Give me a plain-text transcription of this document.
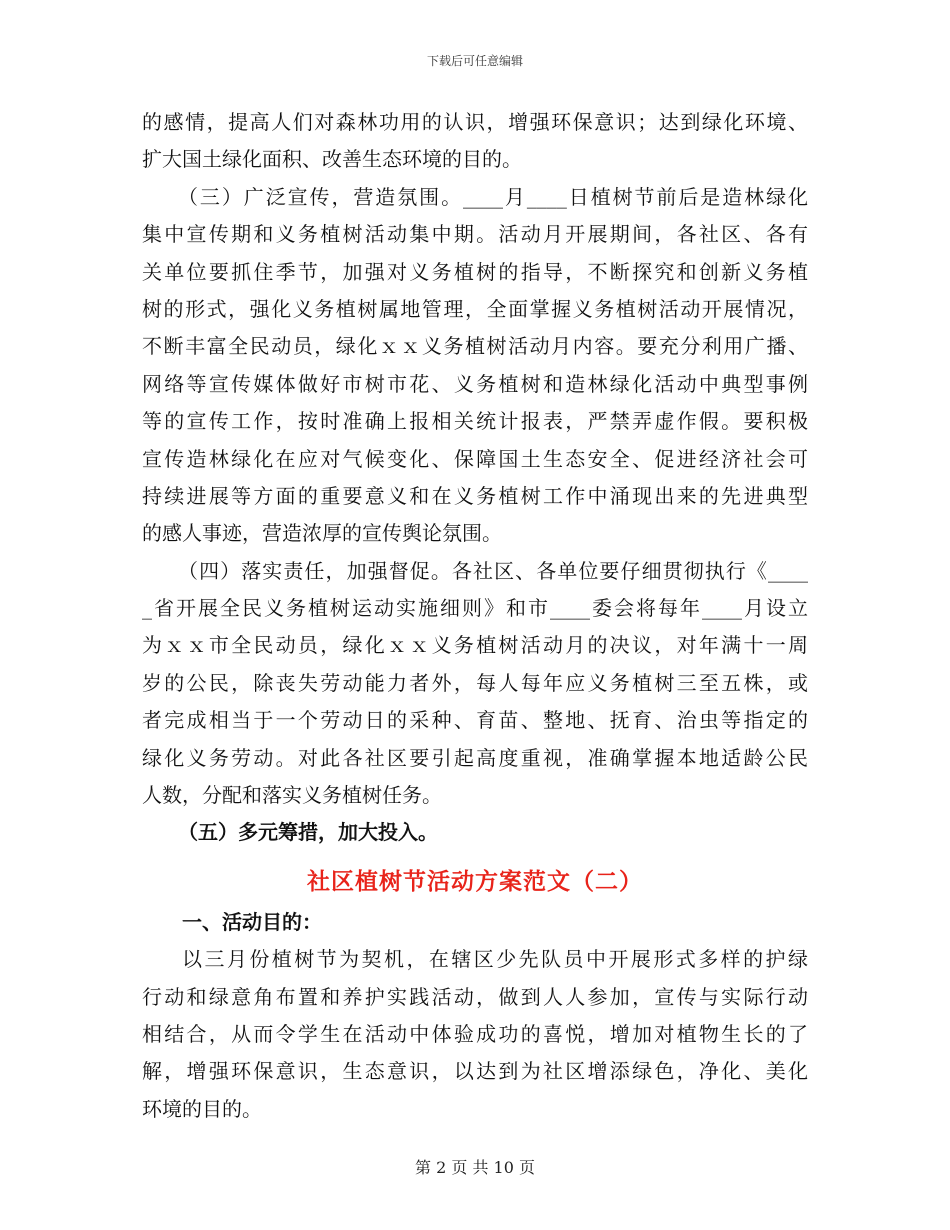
下载后可任意编辑
的感情，提高人们对森林功用的认识，增强环保意识；达到绿化环境、
扩大国土绿化面积、改善生态环境的目的。
（三）广泛宣传，营造氛围。____月____日植树节前后是造林绿化
集中宣传期和义务植树活动集中期。活动月开展期间，各社区、各有
关单位要抓住季节，加强对义务植树的指导，不断探究和创新义务植
树的形式，强化义务植树属地管理，全面掌握义务植树活动开展情况，
不断丰富全民动员，绿化ｘｘ义务植树活动月内容。要充分利用广播、
网络等宣传媒体做好市树市花、义务植树和造林绿化活动中典型事例
等的宣传工作，按时准确上报相关统计报表，严禁弄虚作假。要积极
宣传造林绿化在应对气候变化、保障国土生态安全、促进经济社会可
持续进展等方面的重要意义和在义务植树工作中涌现出来的先进典型
的感人事迹，营造浓厚的宣传舆论氛围。
（四）落实责任，加强督促。各社区、各单位要仔细贯彻执行《____
_省开展全民义务植树运动实施细则》和市____委会将每年____月设立
为ｘｘ市全民动员，绿化ｘｘ义务植树活动月的决议，对年满十一周
岁的公民，除丧失劳动能力者外，每人每年应义务植树三至五株，或
者完成相当于一个劳动日的采种、育苗、整地、抚育、治虫等指定的
绿化义务劳动。对此各社区要引起高度重视，准确掌握本地适龄公民
人数，分配和落实义务植树任务。
（五）多元筹措，加大投入。
社区植树节活动方案范文（二）
一、活动目的：
以三月份植树节为契机，在辖区少先队员中开展形式多样的护绿
行动和绿意角布置和养护实践活动，做到人人参加，宣传与实际行动
相结合，从而令学生在活动中体验成功的喜悦，增加对植物生长的了
解，增强环保意识，生态意识，以达到为社区增添绿色，净化、美化
环境的目的。
第 2 页 共 10 页
